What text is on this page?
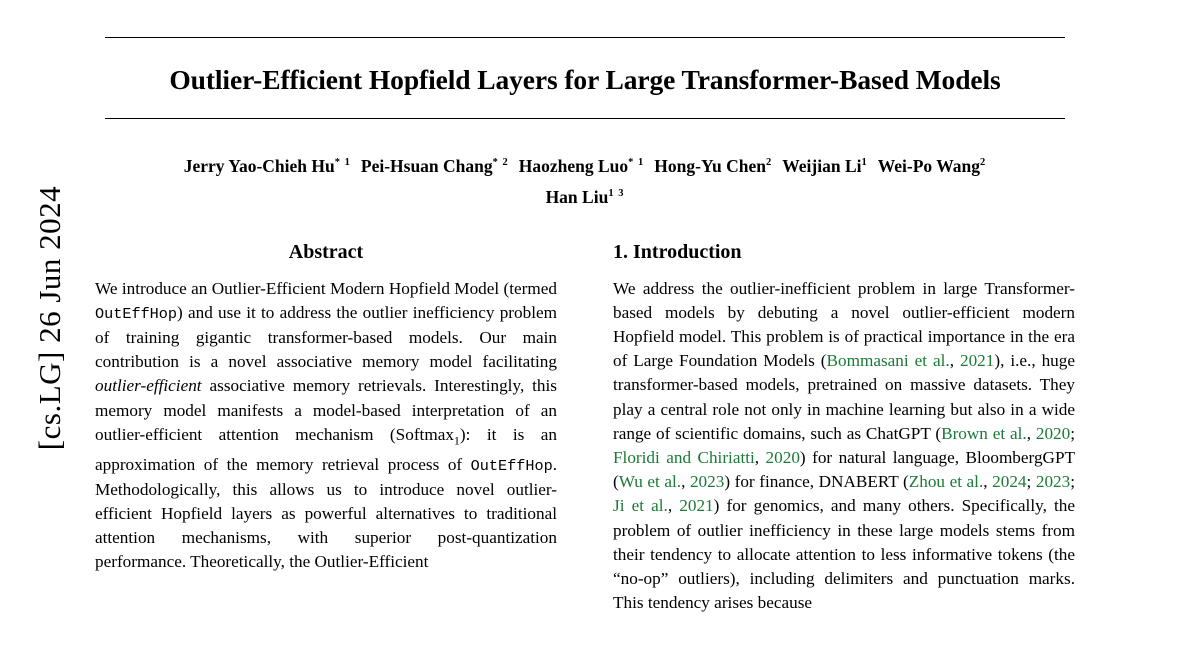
[cs.LG] 26 Jun 2024
Outlier-Efficient Hopfield Layers for Large Transformer-Based Models
Jerry Yao-Chieh Hu$^{* 1}$ Pei-Hsuan Chang$^{* 2}$ Haozheng Luo$^{* 1}$ Hong-Yu Chen$^2$ Weijian Li$^1$ Wei-Po Wang$^2$
Han Liu$^{1 3}$
Abstract
We introduce an Outlier-Efficient Modern Hopfield Model (termed OutEffHop) and use it to address the outlier inefficiency problem of training gigantic transformer-based models. Our main contribution is a novel associative memory model facilitating outlier-efficient associative memory retrievals. Interestingly, this memory model manifests a model-based interpretation of an outlier-efficient attention mechanism (Softmax$_1$): it is an approximation of the memory retrieval process of OutEffHop. Methodologically, this allows us to introduce novel outlier-efficient Hopfield layers as powerful alternatives to traditional attention mechanisms, with superior post-quantization performance. Theoretically, the Outlier-Efficient
1. Introduction
We address the outlier-inefficient problem in large Transformer-based models by debuting a novel outlier-efficient modern Hopfield model. This problem is of practical importance in the era of Large Foundation Models (Bommasani et al., 2021), i.e., huge transformer-based models, pretrained on massive datasets. They play a central role not only in machine learning but also in a wide range of scientific domains, such as ChatGPT (Brown et al., 2020; Floridi and Chiriatti, 2020) for natural language, BloombergGPT (Wu et al., 2023) for finance, DNABERT (Zhou et al., 2024; 2023; Ji et al., 2021) for genomics, and many others. Specifically, the problem of outlier inefficiency in these large models stems from their tendency to allocate attention to less informative tokens (the “no-op” outliers), including delimiters and punctuation marks. This tendency arises because
